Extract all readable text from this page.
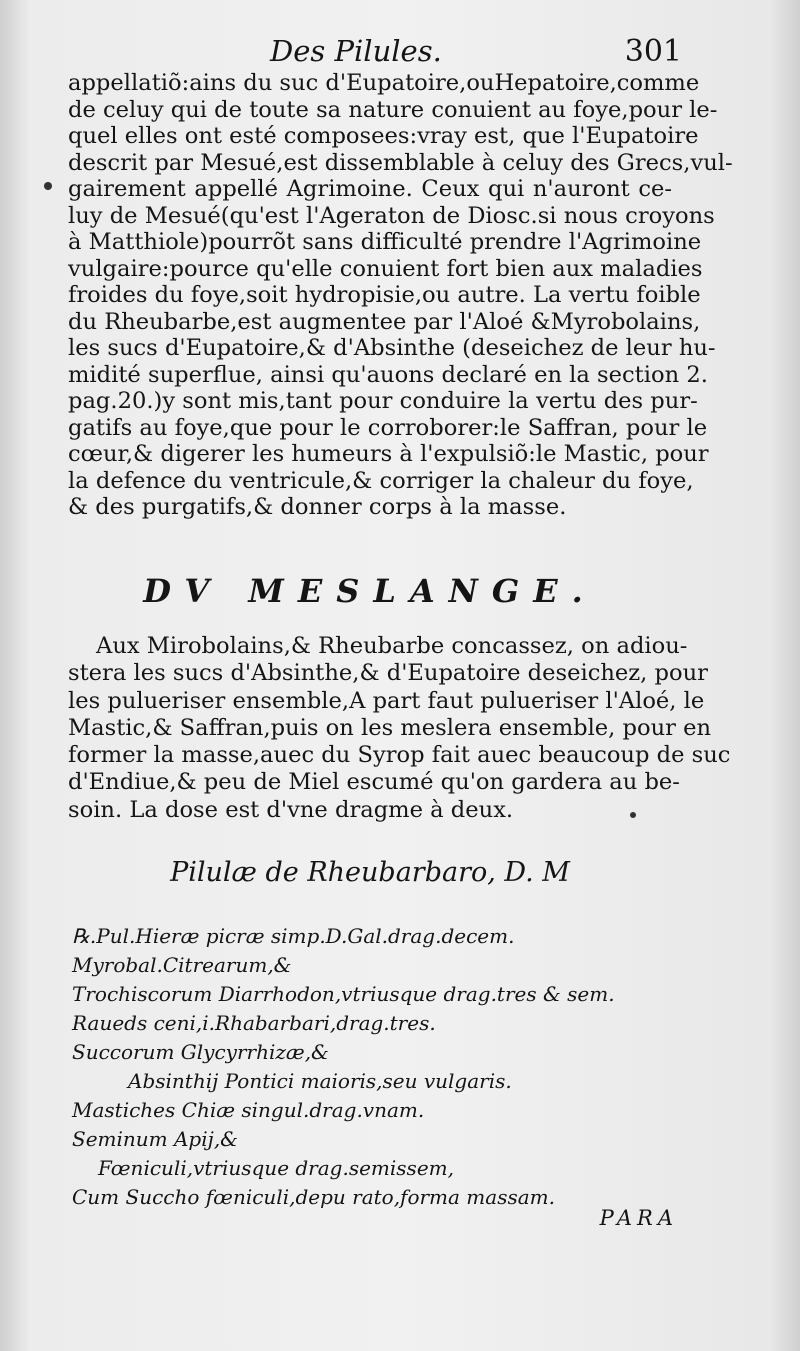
Des Pilules.	301
appellatiõ:ains du suc d'Eupatoire,ouHepatoire,comme
de celuy qui de toute sa nature conuient au foye,pour le-
quel elles ont esté composees:vray est, que l'Eupatoire
descrit par Mesué,est dissemblable à celuy des Grecs,vul-
gairement appellé Agrimoine. Ceux qui n'auront ce-
luy de Mesué(qu'est l'Ageraton de Diosc.si nous croyons
à Matthiole)pourrõt sans difficulté prendre l'Agrimoine
vulgaire:pource qu'elle conuient fort bien aux maladies
froides du foye,soit hydropisie,ou autre. La vertu foible
du Rheubarbe,est augmentee par l'Aloé &Myrobolains,
les sucs d'Eupatoire,& d'Absinthe (deseichez de leur hu-
midité superflue, ainsi qu'auons declaré en la section 2.
pag.20.)y sont mis,tant pour conduire la vertu des pur-
gatifs au foye,que pour le corroborer:le Saffran, pour le
cœur,& digerer les humeurs à l'expulsiõ:le Mastic, pour
la defence du ventricule,& corriger la chaleur du foye,
& des purgatifs,& donner corps à la masse.
DV MESLANGE.
Aux Mirobolains,& Rheubarbe concassez, on adiou-
stera les sucs d'Absinthe,& d'Eupatoire deseichez, pour
les pulueriser ensemble,A part faut pulueriser l'Aloé, le
Mastic,& Saffran,puis on les meslera ensemble, pour en
former la masse,auec du Syrop fait auec beaucoup de suc
d'Endiue,& peu de Miel escumé qu'on gardera au be-
soin. La dose est d'vne dragme à deux.
Pilulæ de Rheubarbaro, D. M
℞.Pul.Hieræ picræ simp.D.Gal.drag.decem.
Myrobal.Citrearum,&
Trochiscorum Diarrhodon,vtriusque drag.tres & sem.
Raueds ceni,i.Rhabarbari,drag.tres.
Succorum Glycyrrhizæ,&
Absinthij Pontici maioris,seu vulgaris.
Mastiches Chiæ singul.drag.vnam.
Seminum Apij,&
Fœniculi,vtriusque drag.semissem,
Cum Succho fœniculi,depu rato,forma massam.
PARA
